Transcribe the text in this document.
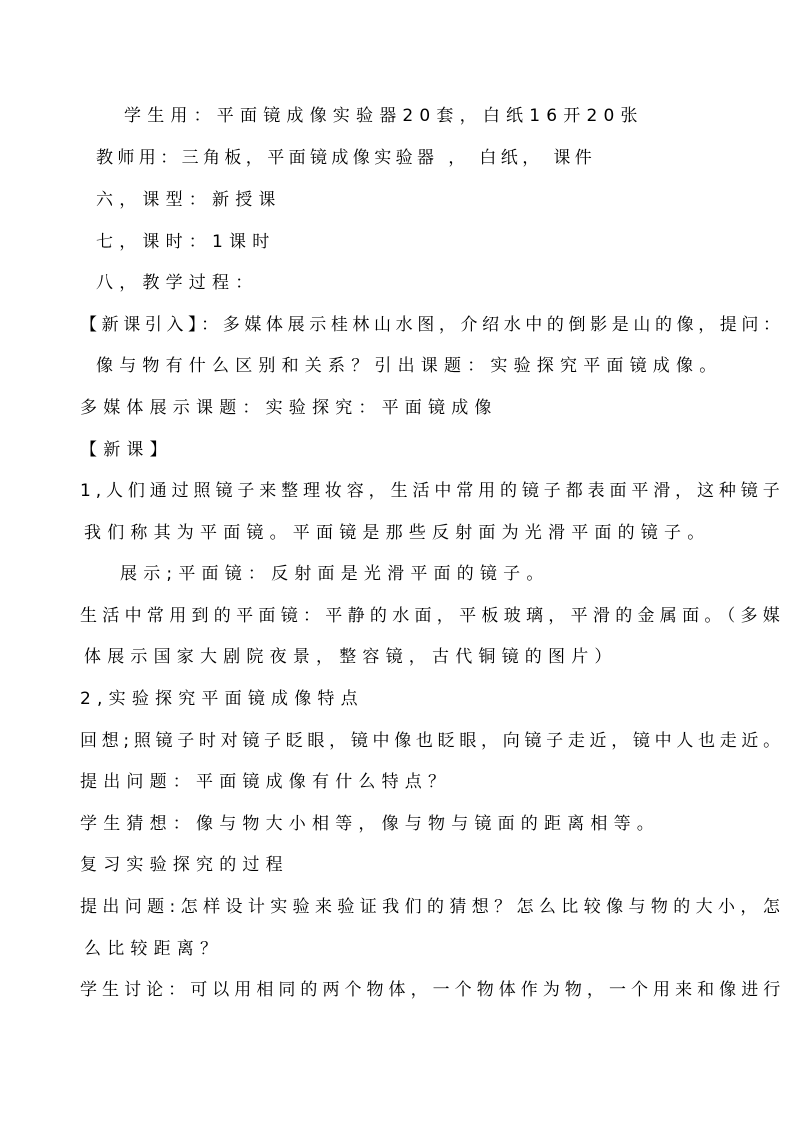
学生用：平面镜成像实验器20套，白纸16开20张
教师用：三角板，平面镜成像实验器 ， 白纸， 课件
六，课型：新授课
七，课时：1课时
八，教学过程：
【新课引入】：多媒体展示桂林山水图，介绍水中的倒影是山的像，提问：
像与物有什么区别和关系？引出课题：实验探究平面镜成像。
多媒体展示课题：实验探究：平面镜成像
【新课】
1,人们通过照镜子来整理妆容，生活中常用的镜子都表面平滑，这种镜子
我们称其为平面镜。平面镜是那些反射面为光滑平面的镜子。
展示;平面镜：反射面是光滑平面的镜子。
生活中常用到的平面镜：平静的水面，平板玻璃，平滑的金属面。（多媒
体展示国家大剧院夜景，整容镜，古代铜镜的图片）
2,实验探究平面镜成像特点
回想;照镜子时对镜子眨眼，镜中像也眨眼，向镜子走近，镜中人也走近。
提出问题：平面镜成像有什么特点？
学生猜想：像与物大小相等，像与物与镜面的距离相等。
复习实验探究的过程
提出问题:怎样设计实验来验证我们的猜想？怎么比较像与物的大小，怎
么比较距离？
学生讨论：可以用相同的两个物体，一个物体作为物，一个用来和像进行
